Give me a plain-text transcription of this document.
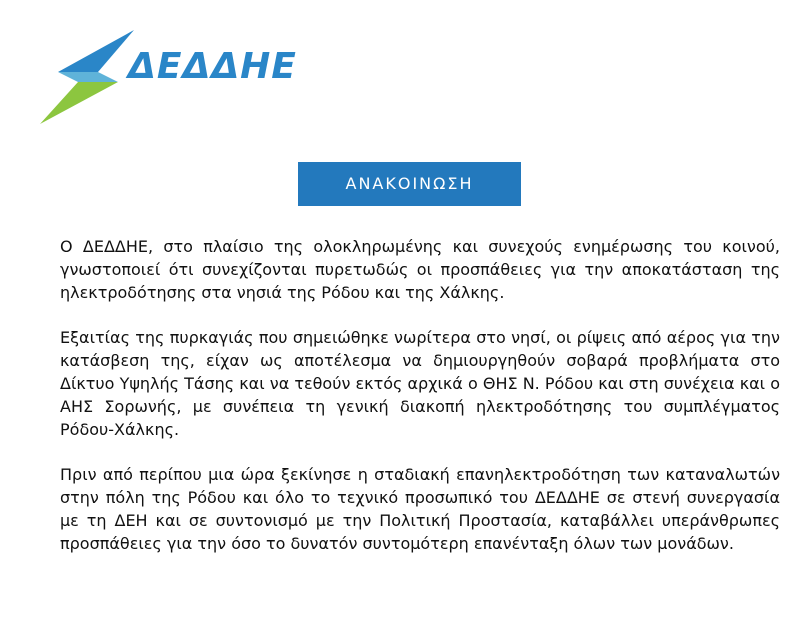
ΔΕΔΔΗΕ
ΑΝΑΚΟΙΝΩΣΗ

Ο ΔΕΔΔΗΕ, στο πλαίσιο της ολοκληρωμένης και συνεχούς ενημέρωσης του κοινού, γνωστοποιεί ότι συνεχίζονται πυρετωδώς οι προσπάθειες για την αποκατάσταση της ηλεκτροδότησης στα νησιά της Ρόδου και της Χάλκης.

Εξαιτίας της πυρκαγιάς που σημειώθηκε νωρίτερα στο νησί, οι ρίψεις από αέρος για την κατάσβεση της, είχαν ως αποτέλεσμα να δημιουργηθούν σοβαρά προβλήματα στο Δίκτυο Υψηλής Τάσης και να τεθούν εκτός αρχικά ο ΘΗΣ Ν. Ρόδου και στη συνέχεια και ο ΑΗΣ Σορωνής, με συνέπεια τη γενική διακοπή ηλεκτροδότησης του συμπλέγματος Ρόδου-Χάλκης.

Πριν από περίπου μια ώρα ξεκίνησε η σταδιακή επανηλεκτροδότηση των καταναλωτών στην πόλη της Ρόδου και όλο το τεχνικό προσωπικό του ΔΕΔΔΗΕ σε στενή συνεργασία με τη ΔΕΗ και σε συντονισμό με την Πολιτική Προστασία, καταβάλλει υπεράνθρωπες προσπάθειες για την όσο το δυνατόν συντομότερη επανένταξη όλων των μονάδων.
